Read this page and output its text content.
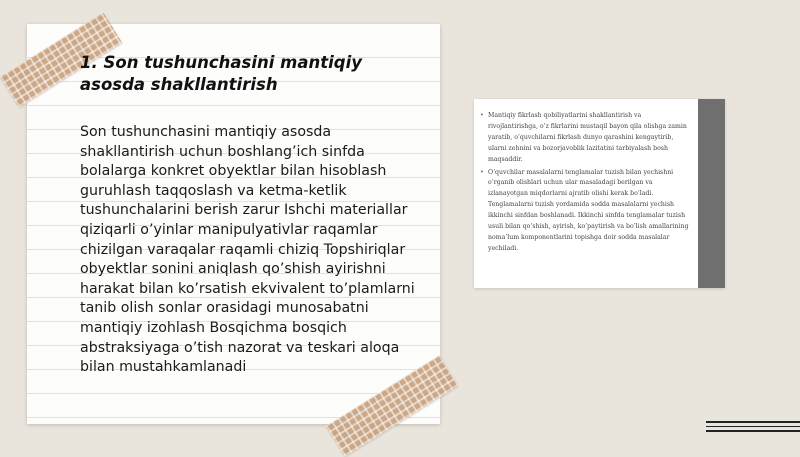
1. Son tushunchasini mantiqiy asosda shakllantirish

Son tushunchasini mantiqiy asosda shakllantirish uchun boshlang’ich sinfda bolalarga konkret obyektlar bilan hisoblash guruhlash taqqoslash va ketma-ketlik tushunchalarini berish zarur Ishchi materiallar qiziqarli o’yinlar manipulyativlar raqamlar chizilgan varaqalar raqamli chiziq Topshiriqlar obyektlar sonini aniqlash qo’shish ayirishni harakat bilan ko’rsatish ekvivalent to’plamlarni tanib olish sonlar orasidagi munosabatni mantiqiy izohlash Bosqichma bosqich abstraksiyaga o’tish nazorat va teskari aloqa bilan mustahkamlanadi

• Mantiqiy fikrlash qobiliyatlarini shakllantirish va rivojlantirishga, o’z fikrlarini mustaqil bayon qila olishga zamin yaratib, o’quvchilarni fikrlash dunyo qarashini kengaytirib, ularni zehnini va bozorjavoblik lazitatini tarbiyalash bosh maqsaddir.
• O’quvchilar masalalarni tenglamalar tuzish bilan yechishni o’rganib olishlari uchun ular masaladagi berilgan va izlanayotgan miqdorlarni ajratib olishi kerak bo’ladi. Tenglamalarni tuzish yordamida sodda masalalarni yechish ikkinchi sinfdan boshlanadi. Ikkinchi sinfda tenglamalar tuzish usuli bilan qo’shish, ayirish, ko’paytirish va bo’lish amallarining noma’lum komponentlarini topishga doir sodda masalalar yechiladi.
